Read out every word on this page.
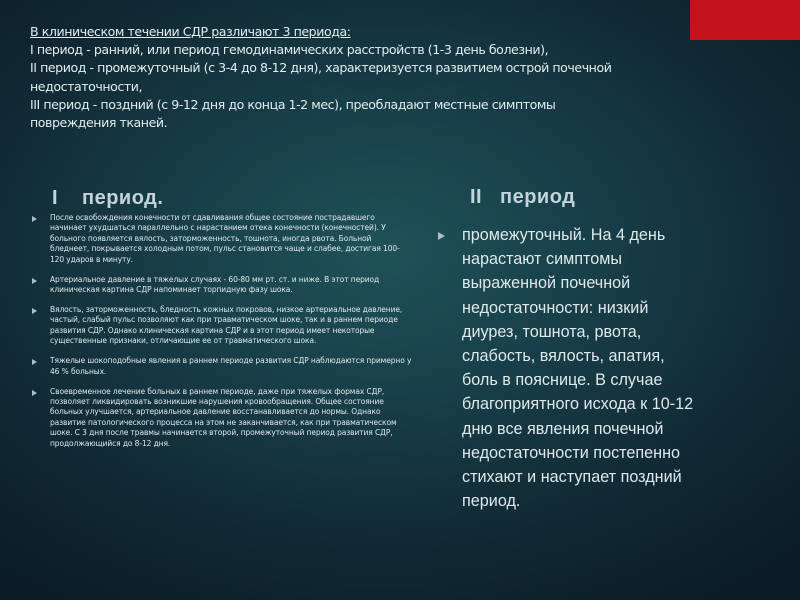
В клиническом течении СДР различают 3 периода:
I период - ранний, или период гемодинамических расстройств (1-3 день болезни),
II период - промежуточный (с 3-4 до 8-12 дня), характеризуется развитием острой почечной
недостаточности,
III период - поздний (с 9-12 дня до конца 1-2 мес), преобладают местные симптомы
повреждения тканей.
I период.	II период
После освобождения конечности от сдавливания общее состояние пострадавшего начинает ухудшаться параллельно с нарастанием отека конечности (конечностей). У больного появляется вялость, заторможенность, тошнота, иногда рвота. Больной бледнеет, покрывается холодным потом, пульс становится чаще и слабее, достигая 100-120 ударов в минуту.
Артериальное давление в тяжелых случаях - 60-80 мм рт. ст. и ниже. В этот период клиническая картина СДР напоминает торпидную фазу шока.
Вялость, заторможенность, бледность кожных покровов, низкое артериальное давление, частый, слабый пульс позволяют как при травматическом шоке, так и в раннем периоде развития СДР. Однако клиническая картина СДР и в этот период имеет некоторые существенные признаки, отличающие ее от травматического шока.
Тяжелые шокоподобные явления в раннем периоде развития СДР наблюдаются примерно у 46 % больных.
Своевременное лечение больных в раннем периоде, даже при тяжелых формах СДР, позволяет ликвидировать возникшие нарушения кровообращения. Общее состояние больных улучшается, артериальное давление восстанавливается до нормы. Однако развитие патологического процесса на этом не заканчивается, как при травматическом шоке. С 3 дня после травмы начинается второй, промежуточный период развития СДР, продолжающийся до 8-12 дня.

промежуточный. На 4 день нарастают симптомы выраженной почечной недостаточности: низкий диурез, тошнота, рвота, слабость, вялость, апатия, боль в пояснице. В случае благоприятного исхода к 10-12 дню все явления почечной недостаточности постепенно стихают и наступает поздний период.
